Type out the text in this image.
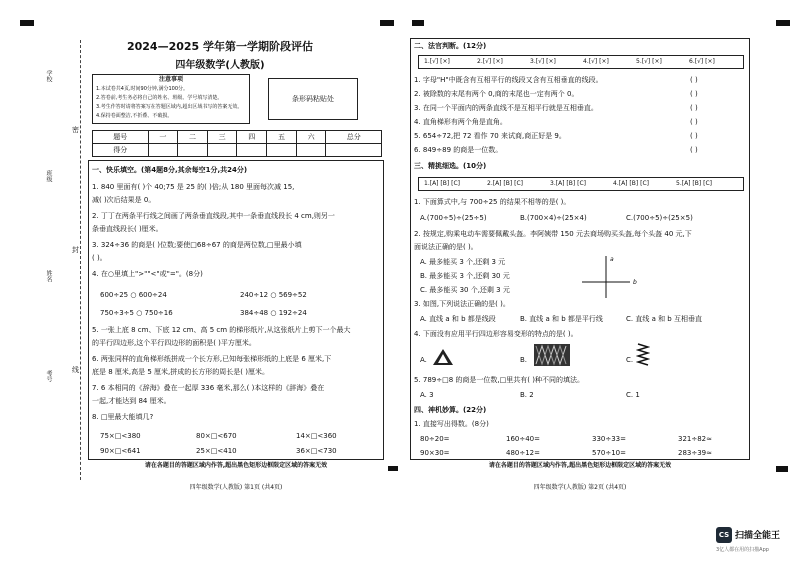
学校
班级
姓名
考号
密
封
线
2024—2025 学年第一学期阶段评估
四年级数学(人教版)
注意事项
1.本试卷共4页,时间90分钟,满分100分。
2.答卷前,考生务必将自己的姓名、班级、学号填写清楚。
3.考生作答时请将答案写在答题区域内,超出区域书写的答案无效。
4.保持卷面整洁,不折叠、不破损。
条形码粘贴处
题号	一	二	三	四	五	六	总分
得分							
一、快乐填空。(第4题8分,其余每空1分,共24分)
1. 840 里面有( )个 40;75 是 25 的( )倍;从 180 里面每次减 15,
减( )次后结果是 0。
2. 丁丁在两条平行线之间画了两条垂直线段,其中一条垂直线段长 4 cm,则另一
条垂直线段长( )厘米。
3. 324÷36 的商是( )位数;要使□68÷67 的商是两位数,□里最小填
( )。
4. 在○里填上">""<"或"="。(8分)
600÷25 ○ 600÷24	240÷12 ○ 569÷52
750÷3÷5 ○ 750÷16	384÷48 ○ 192÷24
5. 一张上底 8 cm、下底 12 cm、高 5 cm 的梯形纸片,从这张纸片上剪下一个最大
的平行四边形,这个平行四边形的面积是( )平方厘米。
6. 两张同样的直角梯形纸拼成一个长方形,已知每张梯形纸的上底是 6 厘米,下
底是 8 厘米,高是 5 厘米,拼成的长方形的周长是( )厘米。
7. 6 本相同的《辞海》叠在一起厚 336 毫米,那么( )本这样的《辞海》叠在
一起,才能达到 84 厘米。
8. □里最大能填几?
75×□<380	80×□<670	14×□<360
90×□<641	25×□<410	36×□<730
请在各题目的答题区域内作答,超出黑色矩形边框限定区域的答案无效
四年级数学(人教版) 第1页 (共4页)
二、法官判断。(12分)
1.[√] [×]	2.[√] [×]	3.[√] [×]	4.[√] [×]	5.[√] [×]	6.[√] [×]
1. 字母"H"中既含有互相平行的线段又含有互相垂直的线段。
2. 被除数的末尾有两个 0,商的末尾也一定有两个 0。
3. 在同一个平面内的两条直线不是互相平行就是互相垂直。
4. 直角梯形有两个角是直角。
5. 654÷72,把 72 看作 70 来试商,商正好是 9。
6. 849÷89 的商是一位数。
( )
( )
( )
( )
( )
( )
三、精挑细选。(10分)
1.[A] [B] [C]	2.[A] [B] [C]	3.[A] [B] [C]	4.[A] [B] [C]	5.[A] [B] [C]
1. 下面算式中,与 700÷25 的结果不相等的是( )。
A.(700÷5)÷(25÷5)	B.(700×4)÷(25×4)	C.(700÷5)÷(25×5)
2. 按规定,购乘电动车需要佩戴头盔。李阿姨带 150 元去商场购买头盔,每个头盔 40 元,下
面说法正确的是( )。
A. 最多能买 3 个,还剩 3 元
B. 最多能买 3 个,还剩 30 元
C. 最多能买 30 个,还剩 3 元
a
b
3. 如图,下列说法正确的是( )。
A. 直线 a 和 b 都是线段	B. 直线 a 和 b 都是平行线	C. 直线 a 和 b 互相垂直
4. 下面没有应用平行四边形容易变形的特点的是( )。
A.	B.	C.
5. 789÷□8 的商是一位数,□里共有( )种不同的填法。
A. 3	B. 2	C. 1
四、神机妙算。(22分)
1. 直接写出得数。(8分)
80÷20=	160÷40=	330÷33=	321÷82≈
90×30=	480÷12=	570÷10=	283÷39≈
请在各题目的答题区域内作答,超出黑色矩形边框限定区域的答案无效
四年级数学(人教版) 第2页 (共4页)
CS 扫描全能王
3亿人都在用的扫描App
